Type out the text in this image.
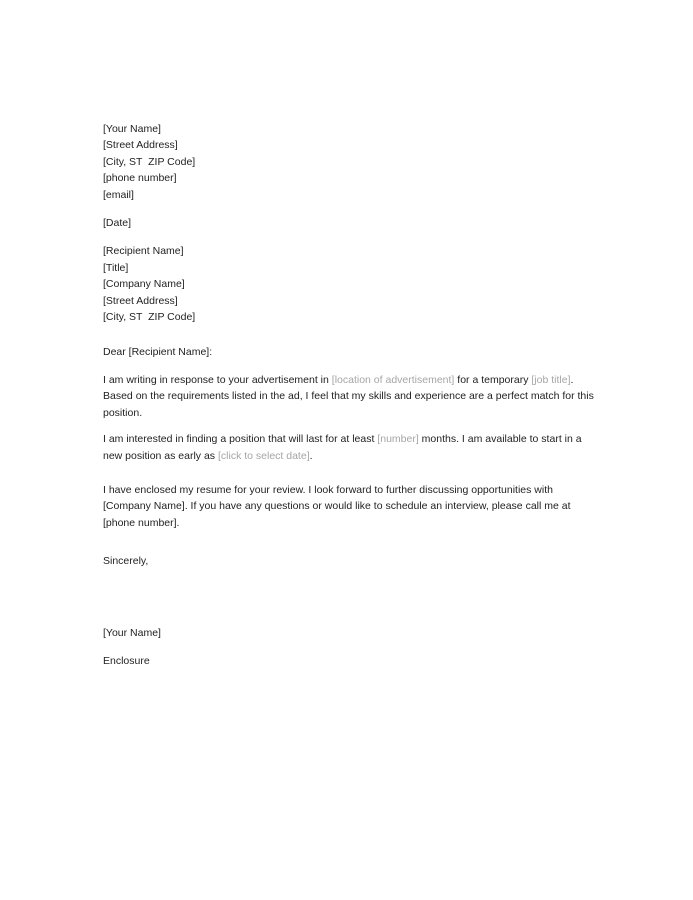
[Your Name]
[Street Address]
[City, ST  ZIP Code]
[phone number]
[email]
[Date]
[Recipient Name]
[Title]
[Company Name]
[Street Address]
[City, ST  ZIP Code]
Dear [Recipient Name]:

I am writing in response to your advertisement in [location of advertisement] for a temporary [job title]. Based on the requirements listed in the ad, I feel that my skills and experience are a perfect match for this position.

I am interested in finding a position that will last for at least [number] months. I am available to start in a new position as early as [click to select date].

I have enclosed my resume for your review. I look forward to further discussing opportunities with [Company Name]. If you have any questions or would like to schedule an interview, please call me at [phone number].

Sincerely,
[Your Name]
Enclosure
